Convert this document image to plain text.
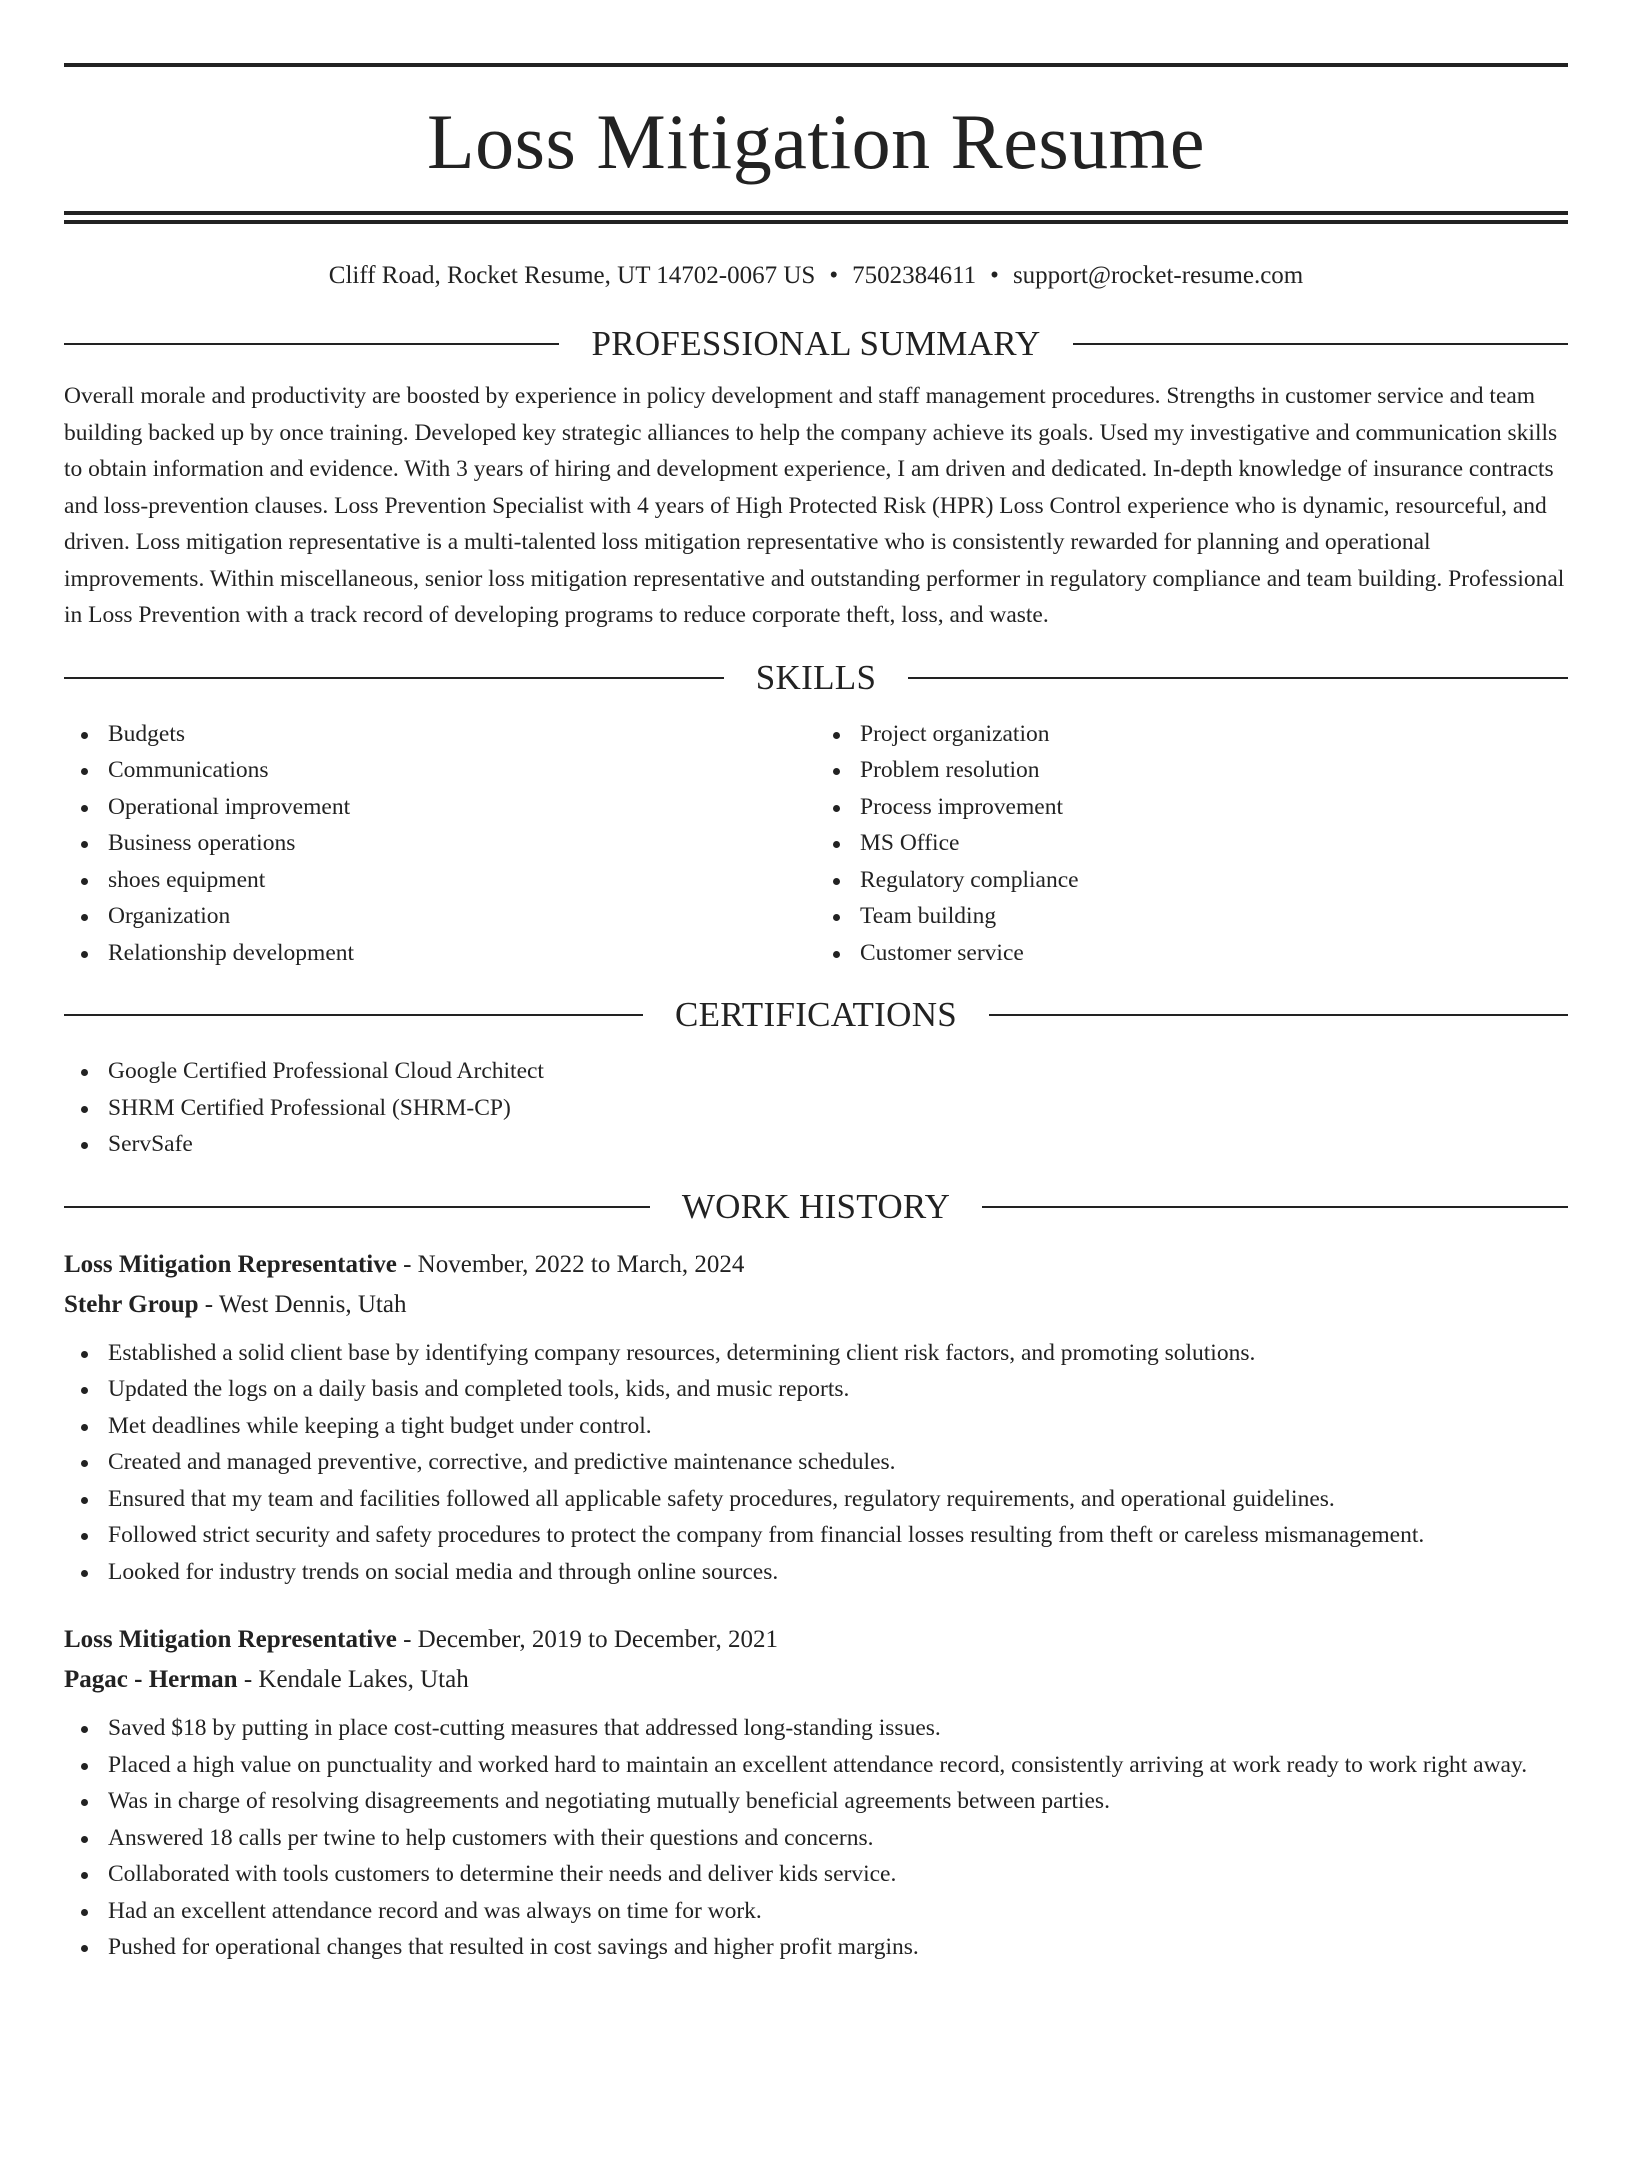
Loss Mitigation Resume
Cliff Road, Rocket Resume, UT 14702-0067 US • 7502384611 • support@rocket-resume.com
PROFESSIONAL SUMMARY

Overall morale and productivity are boosted by experience in policy development and staff management procedures. Strengths in customer service and team building backed up by once training. Developed key strategic alliances to help the company achieve its goals. Used my investigative and communication skills to obtain information and evidence. With 3 years of hiring and development experience, I am driven and dedicated. In-depth knowledge of insurance contracts and loss-prevention clauses. Loss Prevention Specialist with 4 years of High Protected Risk (HPR) Loss Control experience who is dynamic, resourceful, and driven. Loss mitigation representative is a multi-talented loss mitigation representative who is consistently rewarded for planning and operational improvements. Within miscellaneous, senior loss mitigation representative and outstanding performer in regulatory compliance and team building. Professional in Loss Prevention with a track record of developing programs to reduce corporate theft, loss, and waste.

SKILLS
Budgets
Communications
Operational improvement
Business operations
shoes equipment
Organization
Relationship development
Project organization
Problem resolution
Process improvement
MS Office
Regulatory compliance
Team building
Customer service
CERTIFICATIONS
Google Certified Professional Cloud Architect
SHRM Certified Professional (SHRM-CP)
ServSafe
WORK HISTORY
Loss Mitigation Representative - November, 2022 to March, 2024
Stehr Group - West Dennis, Utah
Established a solid client base by identifying company resources, determining client risk factors, and promoting solutions.
Updated the logs on a daily basis and completed tools, kids, and music reports.
Met deadlines while keeping a tight budget under control.
Created and managed preventive, corrective, and predictive maintenance schedules.
Ensured that my team and facilities followed all applicable safety procedures, regulatory requirements, and operational guidelines.
Followed strict security and safety procedures to protect the company from financial losses resulting from theft or careless mismanagement.
Looked for industry trends on social media and through online sources.
Loss Mitigation Representative - December, 2019 to December, 2021
Pagac - Herman - Kendale Lakes, Utah
Saved $18 by putting in place cost-cutting measures that addressed long-standing issues.
Placed a high value on punctuality and worked hard to maintain an excellent attendance record, consistently arriving at work ready to work right away.
Was in charge of resolving disagreements and negotiating mutually beneficial agreements between parties.
Answered 18 calls per twine to help customers with their questions and concerns.
Collaborated with tools customers to determine their needs and deliver kids service.
Had an excellent attendance record and was always on time for work.
Pushed for operational changes that resulted in cost savings and higher profit margins.
